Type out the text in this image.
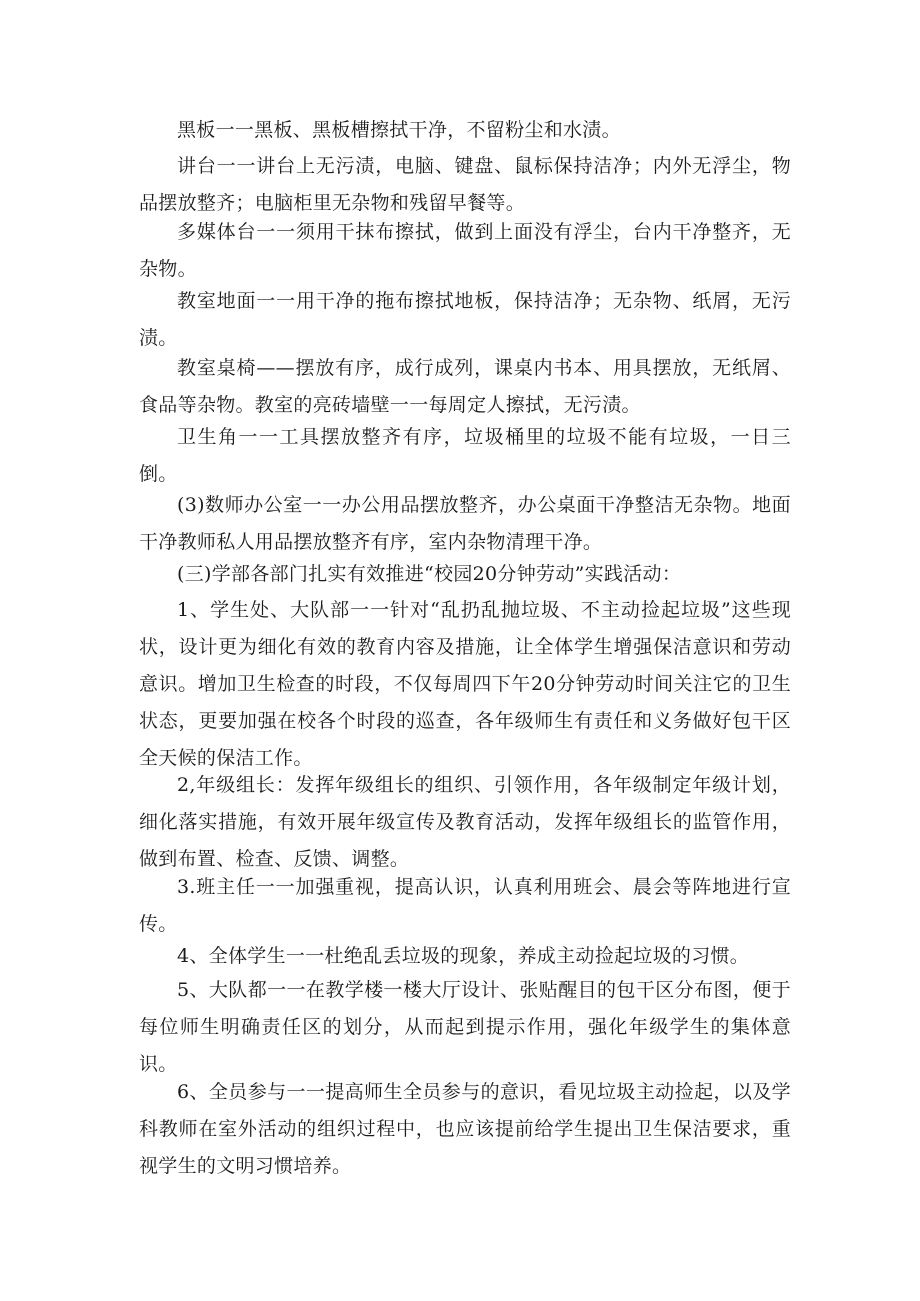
黑板一一黑板、黑板槽擦拭干净，不留粉尘和水渍。

讲台一一讲台上无污渍，电脑、键盘、鼠标保持洁净；内外无浮尘，物品摆放整齐；电脑柜里无杂物和残留早餐等。

多媒体台一一须用干抹布擦拭，做到上面没有浮尘，台内干净整齐，无杂物。

教室地面一一用干净的拖布擦拭地板，保持洁净；无杂物、纸屑，无污渍。

教室桌椅——摆放有序，成行成列，课桌内书本、用具摆放，无纸屑、食品等杂物。教室的亮砖墙壁一一每周定人擦拭，无污渍。

卫生角一一工具摆放整齐有序，垃圾桶里的垃圾不能有垃圾，一日三倒。

(3)数师办公室一一办公用品摆放整齐，办公桌面干净整洁无杂物。地面干净教师私人用品摆放整齐有序，室内杂物清理干净。

(三)学部各部门扎实有效推进“校园20分钟劳动”实践活动：

1、学生处、大队部一一针对“乱扔乱抛垃圾、不主动捡起垃圾”这些现状，设计更为细化有效的教育内容及措施，让全体学生增强保洁意识和劳动意识。增加卫生检查的时段，不仅每周四下午20分钟劳动时间关注它的卫生状态，更要加强在校各个时段的巡查，各年级师生有责任和义务做好包干区全天候的保洁工作。

2,年级组长：发挥年级组长的组织、引领作用，各年级制定年级计划，细化落实措施，有效开展年级宣传及教育活动，发挥年级组长的监管作用，做到布置、检查、反馈、调整。

3.班主任一一加强重视，提高认识，认真利用班会、晨会等阵地进行宣传。

4、全体学生一一杜绝乱丢垃圾的现象，养成主动捡起垃圾的习惯。

5、大队都一一在教学楼一楼大厅设计、张贴醒目的包干区分布图，便于每位师生明确责任区的划分，从而起到提示作用，强化年级学生的集体意识。

6、全员参与一一提高师生全员参与的意识，看见垃圾主动捡起，以及学科教师在室外活动的组织过程中，也应该提前给学生提出卫生保洁要求，重视学生的文明习惯培养。
